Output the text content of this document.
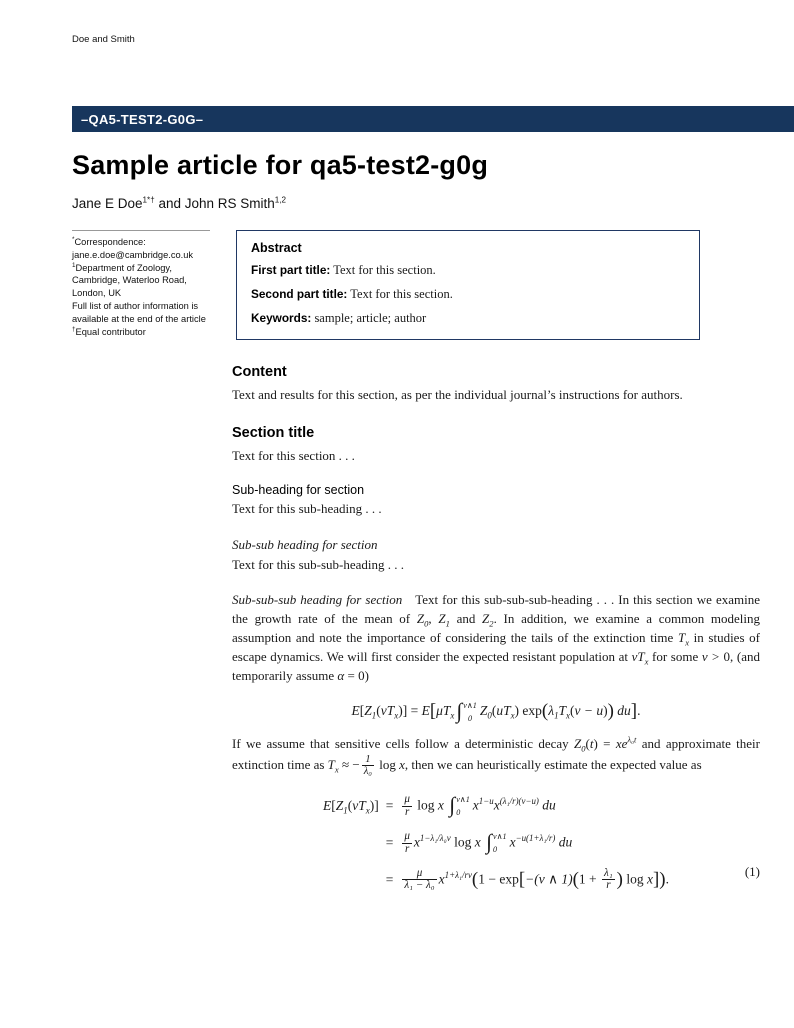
Doe and Smith
–QA5-TEST2-G0G–
Sample article for qa5-test2-g0g
Jane E Doe$^{1*\dagger}$ and John RS Smith$^{1,2}$
*Correspondence:
jane.e.doe@cambridge.co.uk
$^1$Department of Zoology,
Cambridge, Waterloo Road,
London, UK
Full list of author information is
available at the end of the article
†Equal contributor
Abstract
First part title: Text for this section.
Second part title: Text for this section.
Keywords: sample; article; author
Content

Text and results for this section, as per the individual journal’s instructions for authors.

Section title

Text for this section . . .

Sub-heading for section

Text for this sub-heading . . .

Sub-sub heading for section

Text for this sub-sub-heading . . .

Sub-sub-sub heading for section Text for this sub-sub-sub-heading . . . In this section we examine the growth rate of the mean of $Z_0$, $Z_1$ and $Z_2$. In addition, we examine a common modeling assumption and note the importance of considering the tails of the extinction time $T_x$ in studies of escape dynamics. We will first consider the expected resistant population at $vT_x$ for some v > 0, (and temporarily assume α = 0)

$E[Z_1(vT_x)] = E[\mu T_x$ ∫ v∧1
0 $Z_0(uT_x) \exp(\lambda_1T_x(v - u))$ du].

If we assume that sensitive cells follow a deterministic decay $Z_0(t) = xe^{\lambda_0t}$ and approximate their extinction time as $T_x$ ≈ − $\frac{1}{\text{λ₀}}$ log x, then we can heuristically estimate the expected value as

$E[Z_1(vT_x)] = \frac{\mu}{r}$ log x ∫ v∧1
0 $x^{1-u}x^{(\lambda_1/r)(v-u)}$ du
= $\frac{\mu}{r} x^{1-\lambda_1/\lambda_0v}$ log x ∫ v∧1
0 $x^{-u(1+\lambda_1/r)}$ du
= $\frac{\mu}{\text{λ₁ − λ₀}} x^{1+\lambda_1/rv}(1 - \exp[-(v$ ∧ $1)(1 + \frac{\text{λ₁}}{r}$ ) log x]).	(1)
